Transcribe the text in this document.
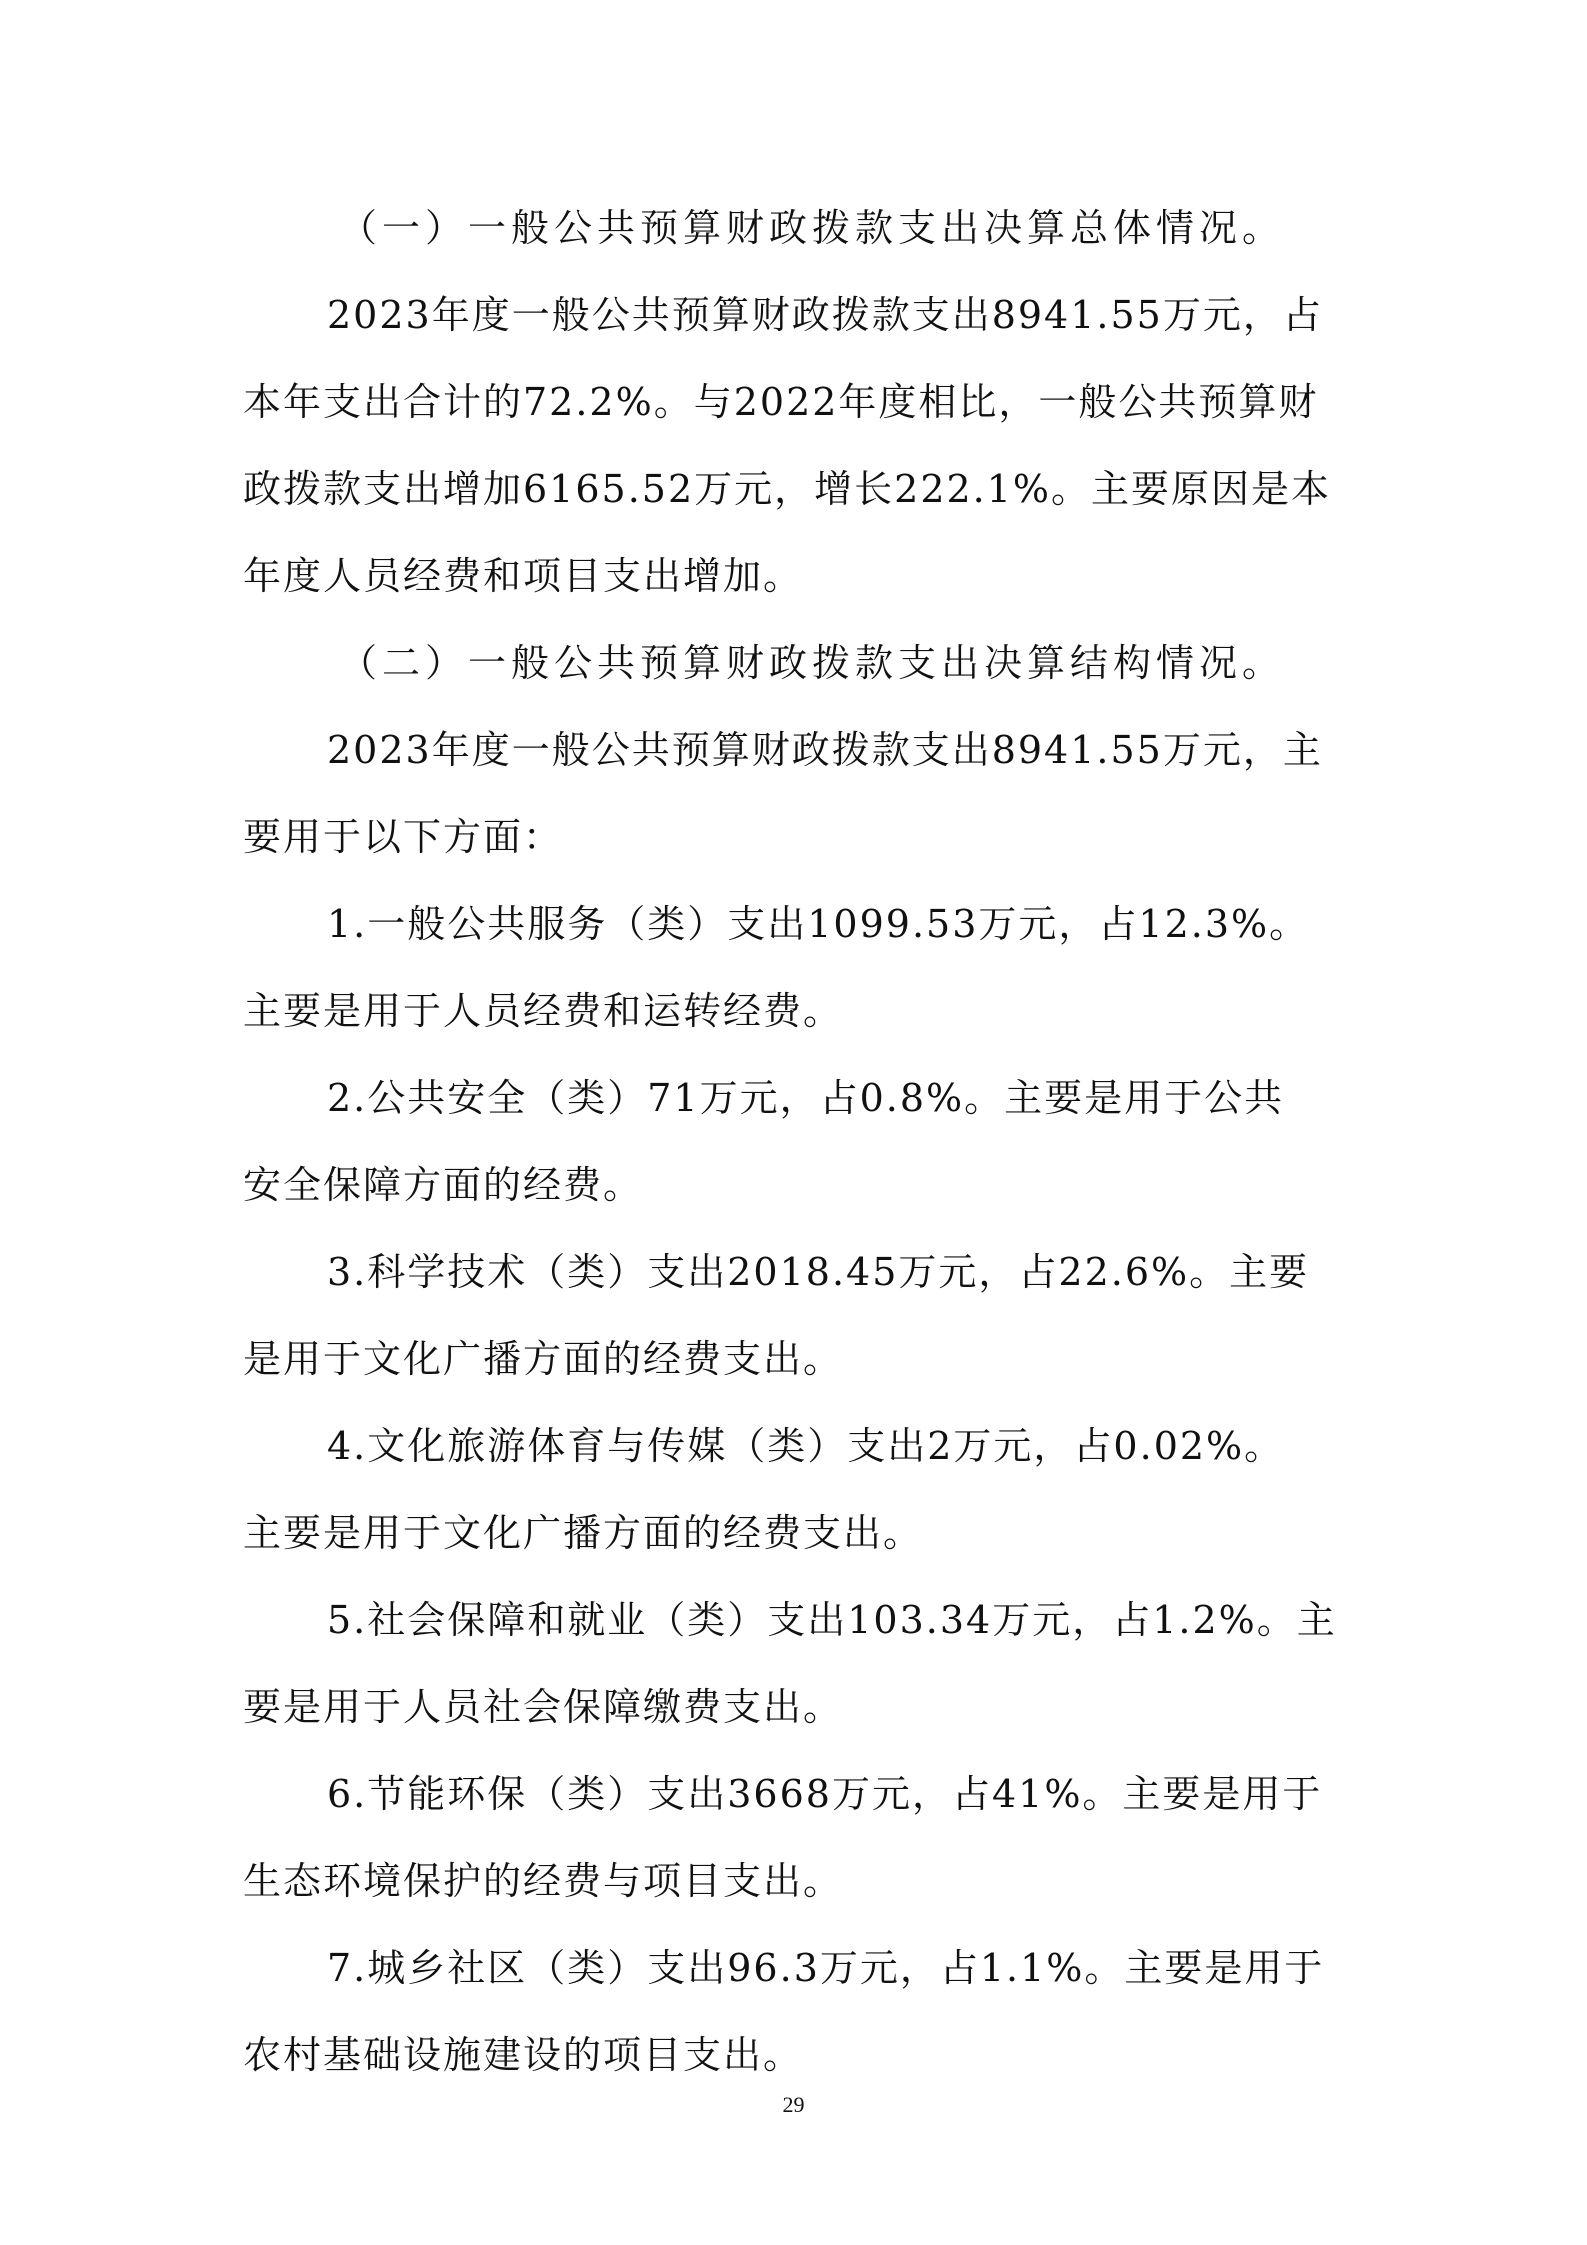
（一）一般公共预算财政拨款支出决算总体情况。
2023年度一般公共预算财政拨款支出8941.55万元，占
本年支出合计的72.2%。与2022年度相比，一般公共预算财
政拨款支出增加6165.52万元，增长222.1%。主要原因是本
年度人员经费和项目支出增加。
（二）一般公共预算财政拨款支出决算结构情况。
2023年度一般公共预算财政拨款支出8941.55万元，主
要用于以下方面：
1.一般公共服务（类）支出1099.53万元，占12.3%。
主要是用于人员经费和运转经费。
2.公共安全（类）71万元，占0.8%。主要是用于公共
安全保障方面的经费。
3.科学技术（类）支出2018.45万元，占22.6%。主要
是用于文化广播方面的经费支出。
4.文化旅游体育与传媒（类）支出2万元，占0.02%。
主要是用于文化广播方面的经费支出。
5.社会保障和就业（类）支出103.34万元，占1.2%。主
要是用于人员社会保障缴费支出。
6.节能环保（类）支出3668万元，占41%。主要是用于
生态环境保护的经费与项目支出。
7.城乡社区（类）支出96.3万元，占1.1%。主要是用于
农村基础设施建设的项目支出。
29
